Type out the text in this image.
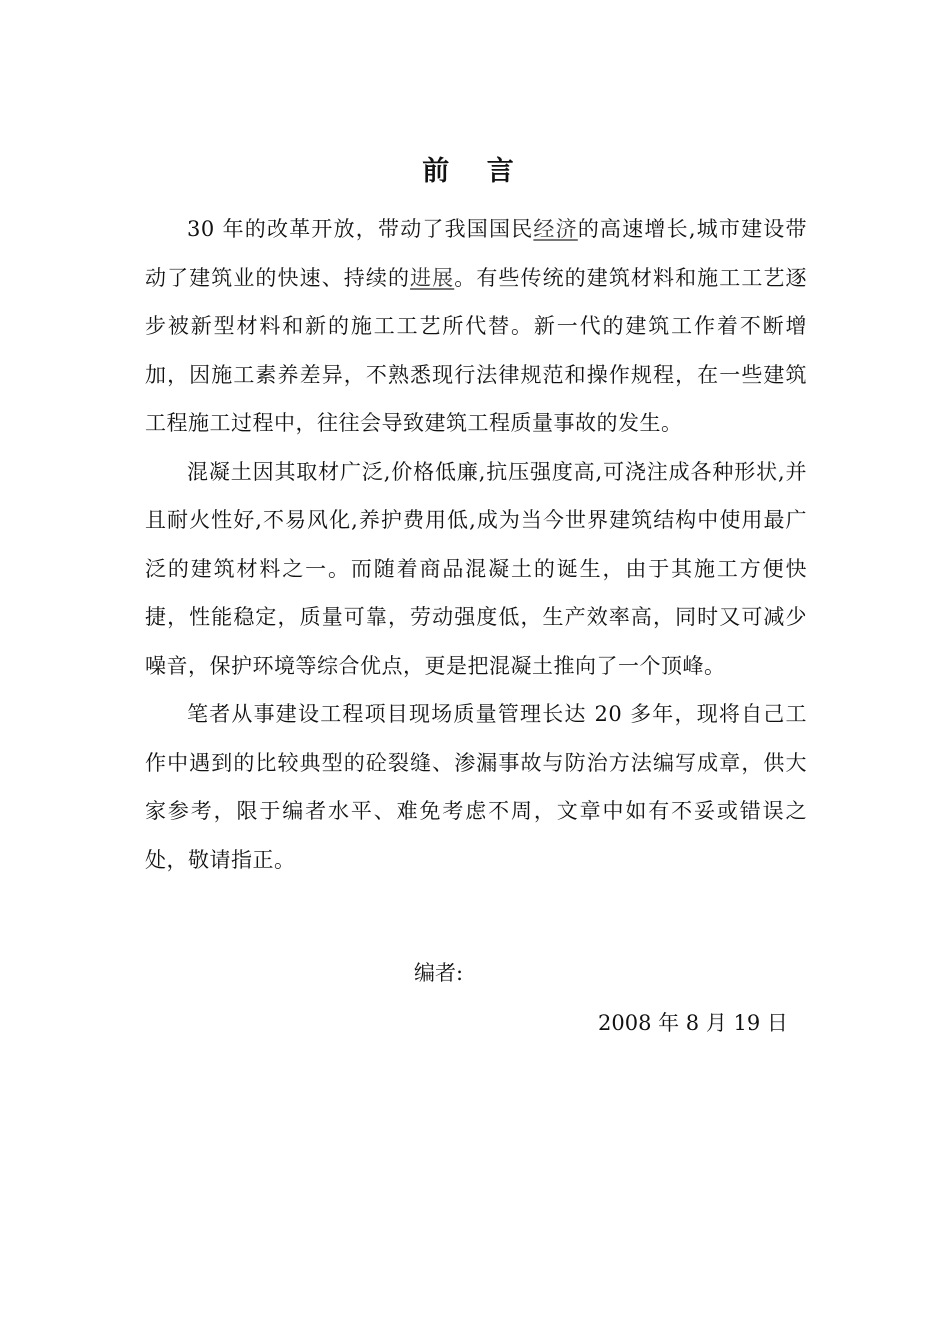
前 言

30 年的改革开放，带动了我国国民经济的高速增长,城市建设带动了建筑业的快速、持续的进展。有些传统的建筑材料和施工工艺逐步被新型材料和新的施工工艺所代替。新一代的建筑工作着不断增加，因施工素养差异，不熟悉现行法律规范和操作规程，在一些建筑工程施工过程中，往往会导致建筑工程质量事故的发生。

混凝土因其取材广泛,价格低廉,抗压强度高,可浇注成各种形状,并且耐火性好,不易风化,养护费用低,成为当今世界建筑结构中使用最广泛的建筑材料之一。而随着商品混凝土的诞生，由于其施工方便快捷，性能稳定，质量可靠，劳动强度低，生产效率高，同时又可减少噪音，保护环境等综合优点，更是把混凝土推向了一个顶峰。

笔者从事建设工程项目现场质量管理长达 20 多年，现将自己工作中遇到的比较典型的砼裂缝、渗漏事故与防治方法编写成章，供大家参考，限于编者水平、难免考虑不周，文章中如有不妥或错误之处，敬请指正。

编者:
2008 年 8 月 19 日
